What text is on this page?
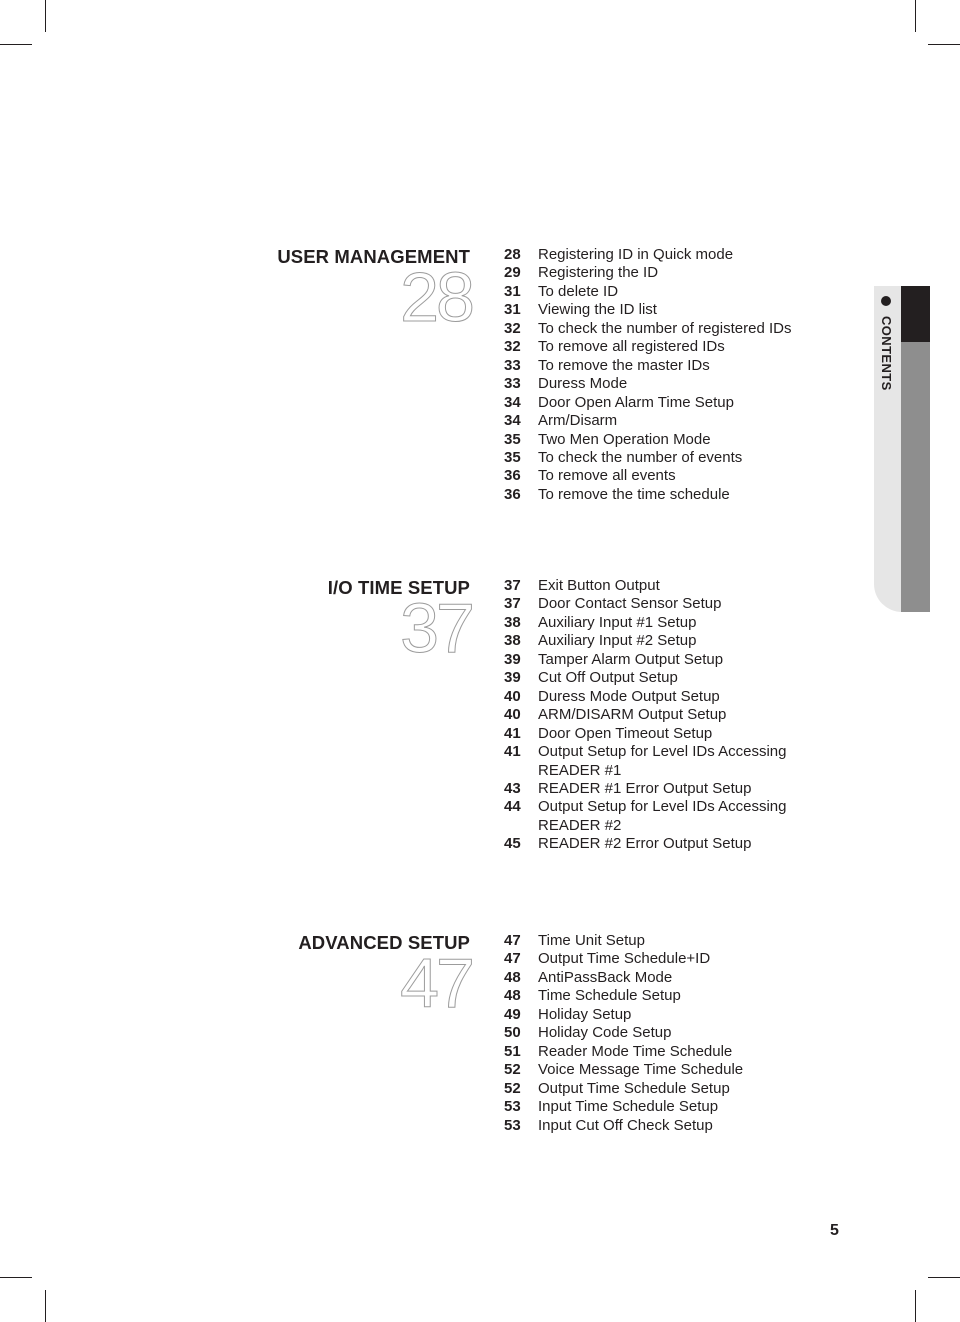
USER MANAGEMENT
28
28	Registering ID in Quick mode
29	Registering the ID
31	To delete ID
31	Viewing the ID list
32	To check the number of registered IDs
32	To remove all registered IDs
33	To remove the master IDs
33	Duress Mode
34	Door Open Alarm Time Setup
34	Arm/Disarm
35	Two Men Operation Mode
35	To check the number of events
36	To remove all events
36	To remove the time schedule
I/O TIME SETUP
37
37	Exit Button Output
37	Door Contact Sensor Setup
38	Auxiliary Input #1 Setup
38	Auxiliary Input #2 Setup
39	Tamper Alarm Output Setup
39	Cut Off Output Setup
40	Duress Mode Output Setup
40	ARM/DISARM Output Setup
41	Door Open Timeout Setup
41	Output Setup for Level IDs Accessing READER #1
43	READER #1 Error Output Setup
44	Output Setup for Level IDs Accessing READER #2
45	READER #2 Error Output Setup
ADVANCED SETUP
47
47	Time Unit Setup
47	Output Time Schedule+ID
48	AntiPassBack Mode
48	Time Schedule Setup
49	Holiday Setup
50	Holiday Code Setup
51	Reader Mode Time Schedule
52	Voice Message Time Schedule
52	Output Time Schedule Setup
53	Input Time Schedule Setup
53	Input Cut Off Check Setup
CONTENTS
5
